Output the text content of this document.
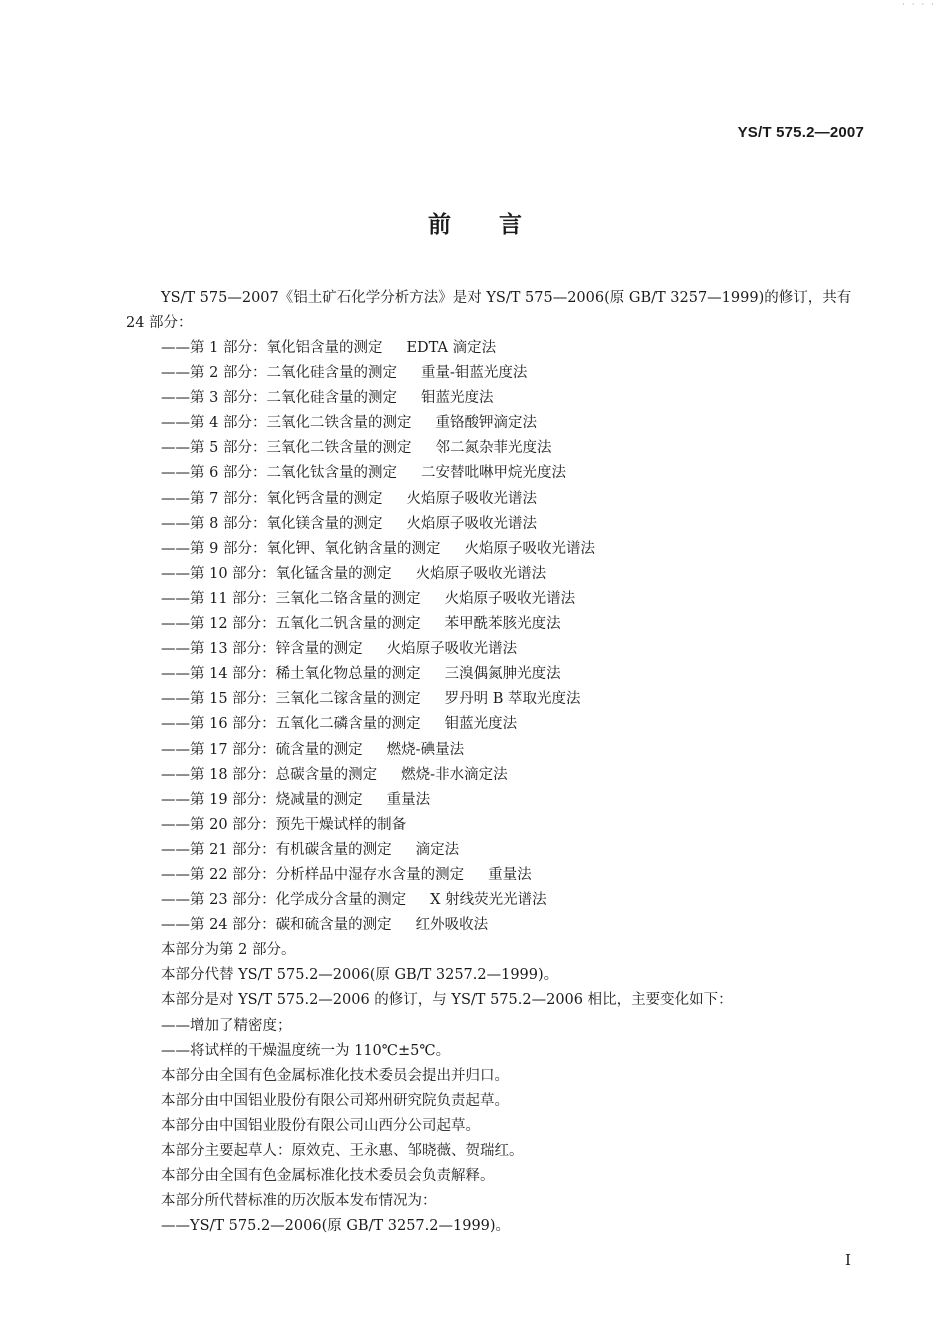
· · · ·
YS/T 575.2—2007
前言

YS/T 575—2007《铝土矿石化学分析方法》是对 YS/T 575—2006(原 GB/T 3257—1999)的修订，共有 24 部分：

——第 1 部分：氧化铝含量的测定 EDTA 滴定法
——第 2 部分：二氧化硅含量的测定 重量-钼蓝光度法
——第 3 部分：二氧化硅含量的测定 钼蓝光度法
——第 4 部分：三氧化二铁含量的测定 重铬酸钾滴定法
——第 5 部分：三氧化二铁含量的测定 邻二氮杂菲光度法
——第 6 部分：二氧化钛含量的测定 二安替吡啉甲烷光度法
——第 7 部分：氧化钙含量的测定 火焰原子吸收光谱法
——第 8 部分：氧化镁含量的测定 火焰原子吸收光谱法
——第 9 部分：氧化钾、氧化钠含量的测定 火焰原子吸收光谱法
——第 10 部分：氧化锰含量的测定 火焰原子吸收光谱法
——第 11 部分：三氧化二铬含量的测定 火焰原子吸收光谱法
——第 12 部分：五氧化二钒含量的测定 苯甲酰苯胲光度法
——第 13 部分：锌含量的测定 火焰原子吸收光谱法
——第 14 部分：稀土氧化物总量的测定 三溴偶氮胂光度法
——第 15 部分：三氧化二镓含量的测定 罗丹明 B 萃取光度法
——第 16 部分：五氧化二磷含量的测定 钼蓝光度法
——第 17 部分：硫含量的测定 燃烧-碘量法
——第 18 部分：总碳含量的测定 燃烧-非水滴定法
——第 19 部分：烧减量的测定 重量法
——第 20 部分：预先干燥试样的制备
——第 21 部分：有机碳含量的测定 滴定法
——第 22 部分：分析样品中湿存水含量的测定 重量法
——第 23 部分：化学成分含量的测定 X 射线荧光光谱法
——第 24 部分：碳和硫含量的测定 红外吸收法
本部分为第 2 部分。
本部分代替 YS/T 575.2—2006(原 GB/T 3257.2—1999)。
本部分是对 YS/T 575.2—2006 的修订，与 YS/T 575.2—2006 相比，主要变化如下：
——增加了精密度；
——将试样的干燥温度统一为 110℃±5℃。
本部分由全国有色金属标准化技术委员会提出并归口。
本部分由中国铝业股份有限公司郑州研究院负责起草。
本部分由中国铝业股份有限公司山西分公司起草。
本部分主要起草人：原效克、王永惠、邹晓薇、贺瑞红。
本部分由全国有色金属标准化技术委员会负责解释。
本部分所代替标准的历次版本发布情况为：
——YS/T 575.2—2006(原 GB/T 3257.2—1999)。
I
